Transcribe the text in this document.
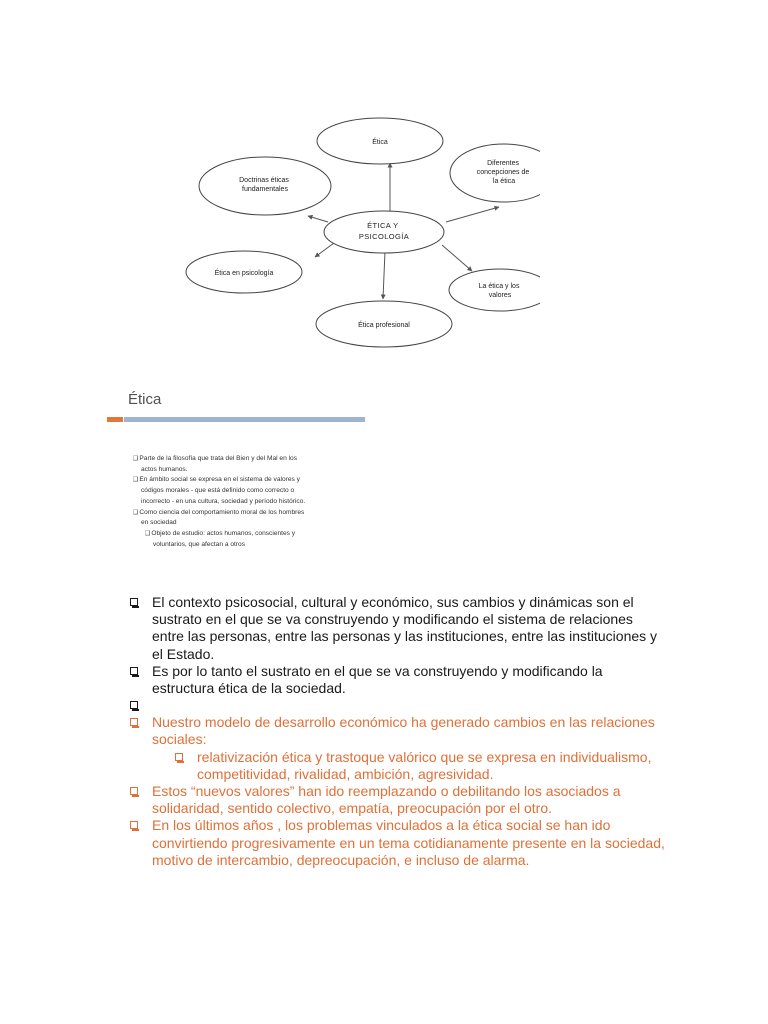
Ética
Diferentes concepciones de la ética
Doctrinas éticas fundamentales
ÉTICA Y PSICOLOGÍA
Ética en psicología
La ética y los valores
Ética profesional
Ética
❑Parte de la filosofía que trata del Bien y del Mal en los
actos humanos.
❑En ámbito social se expresa en el sistema de valores y
códigos morales - que está definido como correcto o
incorrecto - en una cultura, sociedad y período histórico.
❑Como ciencia del comportamiento moral de los hombres
en sociedad
❑Objeto de estudio: actos humanos, conscientes y
voluntarios, que afectan a otros

El contexto psicosocial, cultural y económico, sus cambios y dinámicas son el sustrato en el que se va construyendo y modificando el sistema de relaciones entre las personas, entre las personas y las instituciones, entre las instituciones y el Estado.

Es por lo tanto el sustrato en el que se va construyendo y modificando la estructura ética de la sociedad.

Nuestro modelo de desarrollo económico ha generado cambios en las relaciones sociales:

relativización ética y trastoque valórico que se expresa en individualismo, competitividad, rivalidad, ambición, agresividad.

Estos “nuevos valores” han ido reemplazando o debilitando los asociados a solidaridad, sentido colectivo, empatía, preocupación por el otro.

En los últimos años , los problemas vinculados a la ética social se han ido convirtiendo progresivamente en un tema cotidianamente presente en la sociedad, motivo de intercambio, depreocupación, e incluso de alarma.
